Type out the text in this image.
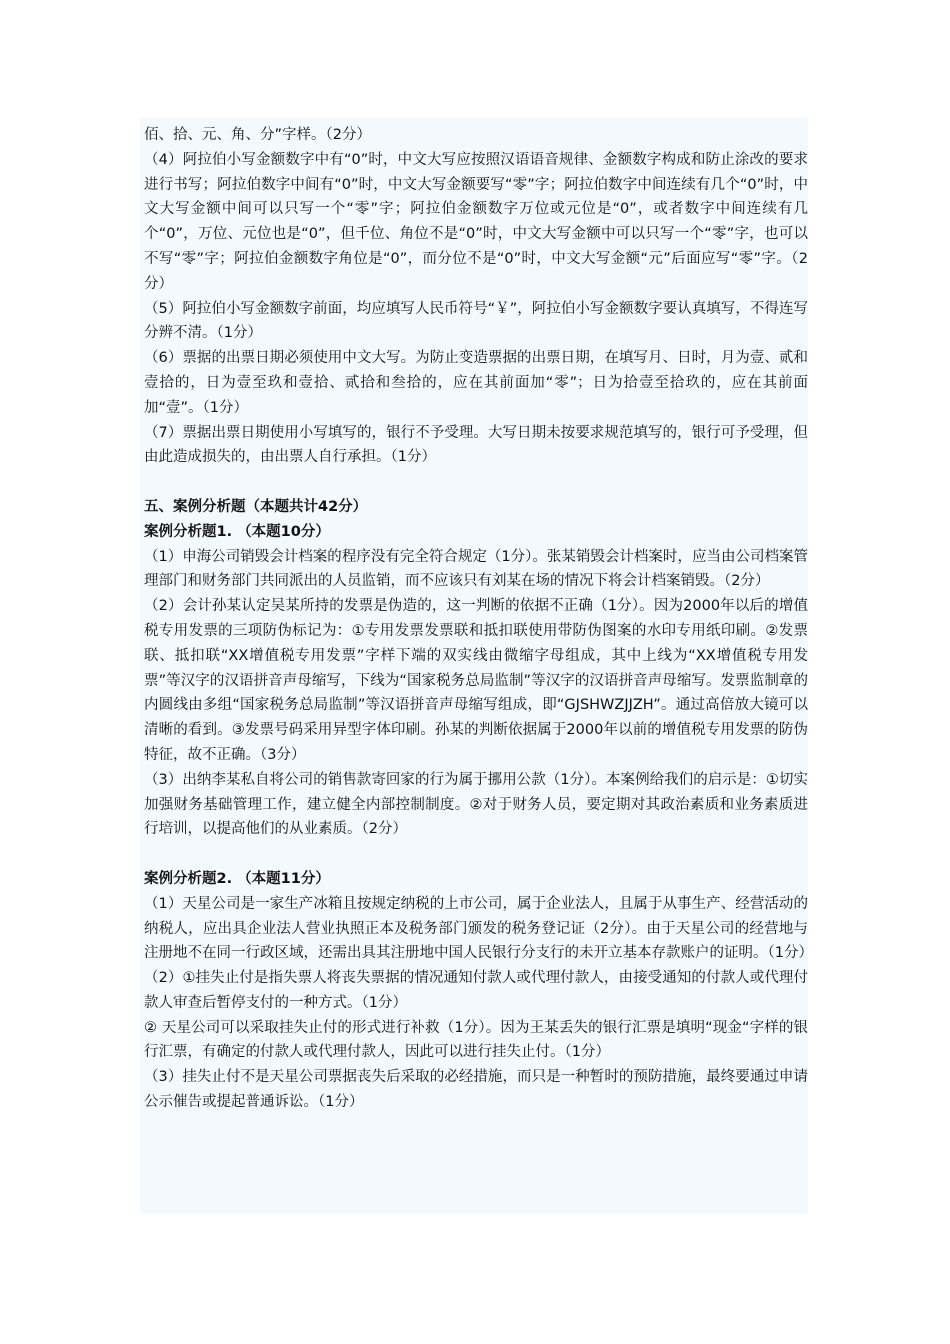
佰、拾、元、角、分”字样。（2分）

（4）阿拉伯小写金额数字中有“0”时，中文大写应按照汉语语音规律、金额数字构成和防止涂改的要求进行书写；阿拉伯数字中间有“0”时，中文大写金额要写“零”字；阿拉伯数字中间连续有几个“0”时，中文大写金额中间可以只写一个“零”字；阿拉伯金额数字万位或元位是“0”，或者数字中间连续有几个“0”，万位、元位也是“0”，但千位、角位不是“0”时，中文大写金额中可以只写一个“零”字，也可以不写“零”字；阿拉伯金额数字角位是“0”，而分位不是“0”时，中文大写金额“元”后面应写“零”字。（2分）

（5）阿拉伯小写金额数字前面，均应填写人民币符号“￥”，阿拉伯小写金额数字要认真填写，不得连写分辨不清。（1分）

（6）票据的出票日期必须使用中文大写。为防止变造票据的出票日期，在填写月、日时，月为壹、贰和壹拾的，日为壹至玖和壹拾、贰拾和叁拾的，应在其前面加“零”；日为拾壹至拾玖的，应在其前面加“壹”。（1分）

（7）票据出票日期使用小写填写的，银行不予受理。大写日期未按要求规范填写的，银行可予受理，但由此造成损失的，由出票人自行承担。（1分）

五、案例分析题（本题共计42分）

案例分析题1. （本题10分）

（1）申海公司销毁会计档案的程序没有完全符合规定（1分）。张某销毁会计档案时，应当由公司档案管理部门和财务部门共同派出的人员监销，而不应该只有刘某在场的情况下将会计档案销毁。（2分）

（2）会计孙某认定吴某所持的发票是伪造的，这一判断的依据不正确（1分）。因为2000年以后的增值税专用发票的三项防伪标记为：①专用发票发票联和抵扣联使用带防伪图案的水印专用纸印刷。②发票联、抵扣联“XX增值税专用发票”字样下端的双实线由微缩字母组成，其中上线为“XX增值税专用发票”等汉字的汉语拼音声母缩写，下线为“国家税务总局监制”等汉字的汉语拼音声母缩写。发票监制章的内圆线由多组“国家税务总局监制”等汉语拼音声母缩写组成，即“GJSHWZJJZH”。通过高倍放大镜可以清晰的看到。③发票号码采用异型字体印刷。孙某的判断依据属于2000年以前的增值税专用发票的防伪特征，故不正确。（3分）

（3）出纳李某私自将公司的销售款寄回家的行为属于挪用公款（1分）。本案例给我们的启示是：①切实加强财务基础管理工作，建立健全内部控制制度。②对于财务人员，要定期对其政治素质和业务素质进行培训，以提高他们的从业素质。（2分）

案例分析题2. （本题11分）

（1）天星公司是一家生产冰箱且按规定纳税的上市公司，属于企业法人，且属于从事生产、经营活动的纳税人，应出具企业法人营业执照正本及税务部门颁发的税务登记证（2分）。由于天星公司的经营地与注册地不在同一行政区域，还需出具其注册地中国人民银行分支行的未开立基本存款账户的证明。（1分）

（2）①挂失止付是指失票人将丧失票据的情况通知付款人或代理付款人，由接受通知的付款人或代理付款人审查后暂停支付的一种方式。（1分）

② 天星公司可以采取挂失止付的形式进行补救（1分）。因为王某丢失的银行汇票是填明“现金“字样的银行汇票，有确定的付款人或代理付款人，因此可以进行挂失止付。（1分）

（3）挂失止付不是天星公司票据丧失后采取的必经措施，而只是一种暂时的预防措施，最终要通过申请公示催告或提起普通诉讼。（1分）
